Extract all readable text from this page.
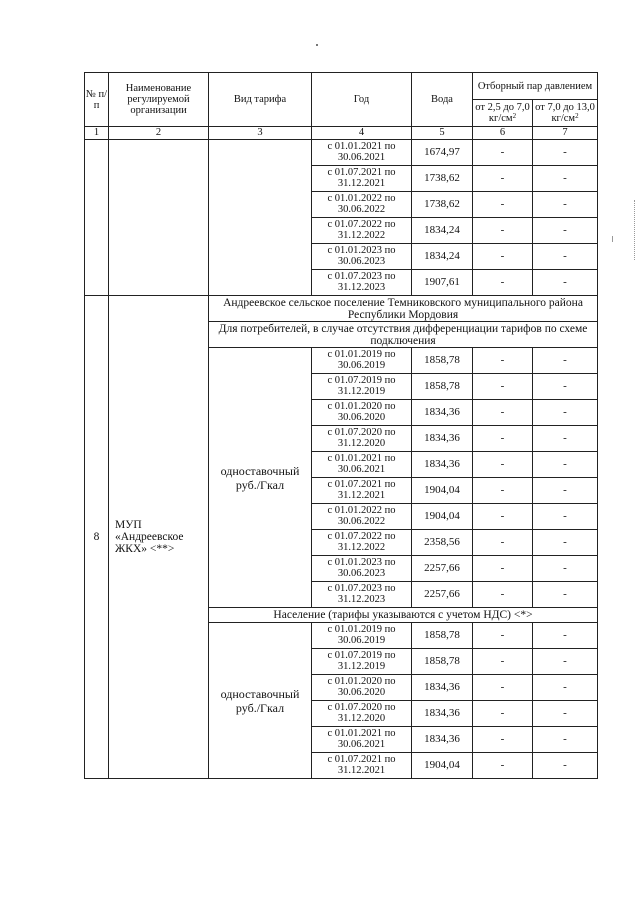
№ п/п	Наименование регулируемой организации	Вид тарифа	Год	Вода	Отборный пар давлением	
					от 2,5 до 7,0 $кг/см^2$	от 7,0 до 13,0 $кг/см^2$
1	2	3	4	5	6	7
			с 01.01.2021 по 30.06.2021	1674,97	-	-
			с 01.07.2021 по 31.12.2021	1738,62	-	-
			с 01.01.2022 по 30.06.2022	1738,62	-	-
			с 01.07.2022 по 31.12.2022	1834,24	-	-
			с 01.01.2023 по 30.06.2023	1834,24	-	-
			с 01.07.2023 по 31.12.2023	1907,61	-	-
8	МУП «Андреевское ЖКХ» <**>	Андреевское сельское поселение Темниковского муниципального района Республики Мордовия				
		Для потребителей, в случае отсутствия дифференциации тарифов по схеме подключения				
		одноставочный руб./Гкал	с 01.01.2019 по 30.06.2019	1858,78	-	-
			с 01.07.2019 по 31.12.2019	1858,78	-	-
			с 01.01.2020 по 30.06.2020	1834,36	-	-
			с 01.07.2020 по 31.12.2020	1834,36	-	-
			с 01.01.2021 по 30.06.2021	1834,36	-	-
			с 01.07.2021 по 31.12.2021	1904,04	-	-
			с 01.01.2022 по 30.06.2022	1904,04	-	-
			с 01.07.2022 по 31.12.2022	2358,56	-	-
			с 01.01.2023 по 30.06.2023	2257,66	-	-
			с 01.07.2023 по 31.12.2023	2257,66	-	-
		Население (тарифы указываются с учетом НДС) <*>				
		одноставочный руб./Гкал	с 01.01.2019 по 30.06.2019	1858,78	-	-
			с 01.07.2019 по 31.12.2019	1858,78	-	-
			с 01.01.2020 по 30.06.2020	1834,36	-	-
			с 01.07.2020 по 31.12.2020	1834,36	-	-
			с 01.01.2021 по 30.06.2021	1834,36	-	-
			с 01.07.2021 по 31.12.2021	1904,04	-	-
